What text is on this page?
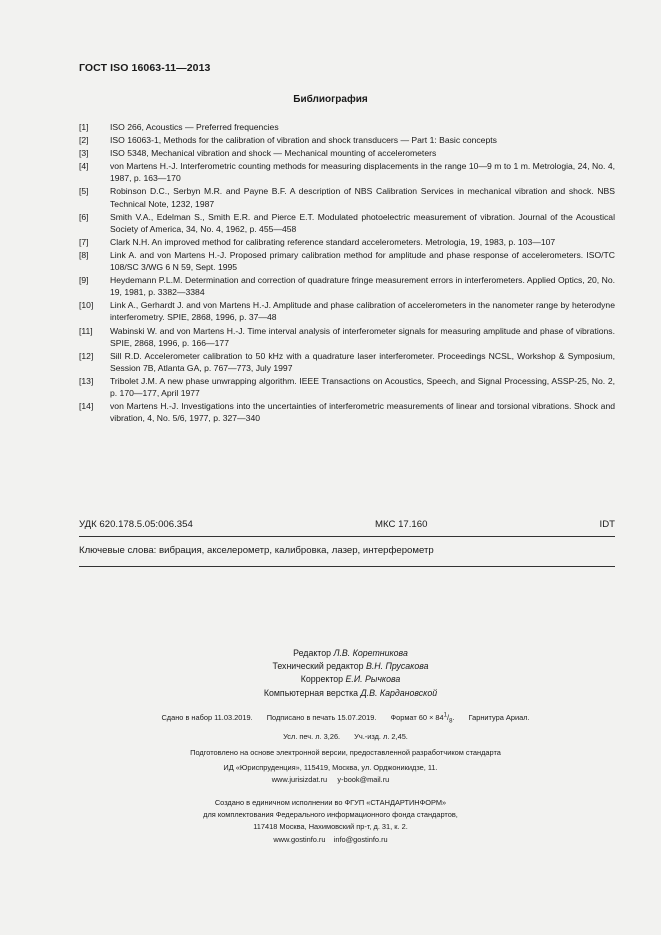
ГОСТ ISO 16063-11—2013
Библиография
[1]	ISO 266, Acoustics — Preferred frequencies
[2]	ISO 16063-1, Methods for the calibration of vibration and shock transducers — Part 1: Basic concepts
[3]	ISO 5348, Mechanical vibration and shock — Mechanical mounting of accelerometers
[4]	von Martens H.-J. Interferometric counting methods for measuring displacements in the range 10—9 m to 1 m. Metrologia, 24, No. 4, 1987, p. 163—170
[5]	Robinson D.C., Serbyn M.R. and Payne B.F. A description of NBS Calibration Services in mechanical vibration and shock. NBS Technical Note, 1232, 1987
[6]	Smith V.A., Edelman S., Smith E.R. and Pierce E.T. Modulated photoelectric measurement of vibration. Journal of the Acoustical Society of America, 34, No. 4, 1962, p. 455—458
[7]	Clark N.H. An improved method for calibrating reference standard accelerometers. Metrologia, 19, 1983, p. 103—107
[8]	Link A. and von Martens H.-J. Proposed primary calibration method for amplitude and phase response of accelerometers. ISO/TC 108/SC 3/WG 6 N 59, Sept. 1995
[9]	Heydemann P.L.M. Determination and correction of quadrature fringe measurement errors in interferometers. Applied Optics, 20, No. 19, 1981, p. 3382—3384
[10]	Link A., Gerhardt J. and von Martens H.-J. Amplitude and phase calibration of accelerometers in the nanometer range by heterodyne interferometry. SPIE, 2868, 1996, p. 37—48
[11]	Wabinski W. and von Martens H.-J. Time interval analysis of interferometer signals for measuring amplitude and phase of vibrations. SPIE, 2868, 1996, p. 166—177
[12]	Sill R.D. Accelerometer calibration to 50 kHz with a quadrature laser interferometer. Proceedings NCSL, Workshop & Symposium, Session 7B, Atlanta GA, p. 767—773, July 1997
[13]	Tribolet J.M. A new phase unwrapping algorithm. IEEE Transactions on Acoustics, Speech, and Signal Processing, ASSP-25, No. 2, p. 170—177, April 1977
[14]	von Martens H.-J. Investigations into the uncertainties of interferometric measurements of linear and torsional vibrations. Shock and vibration, 4, No. 5/6, 1977, p. 327—340
УДК 620.178.5.05:006.354	МКС 17.160	IDT
Ключевые слова: вибрация, акселерометр, калибровка, лазер, интерферометр
Редактор Л.В. Коретникова
Технический редактор В.Н. Прусакова
Корректор Е.И. Рычкова
Компьютерная верстка Д.В. Кардановской
Сдано в набор 11.03.2019. Подписано в печать 15.07.2019. Формат $60 \times 84^1/_8$. Гарнитура Ариал.
Усл. печ. л. 3,26. Уч.-изд. л. 2,45.
Подготовлено на основе электронной версии, предоставленной разработчиком стандарта
ИД «Юриспруденция», 115419, Москва, ул. Орджоникидзе, 11.
www.jurisizdat.ru y-book@mail.ru
Создано в единичном исполнении во ФГУП «СТАНДАРТИНФОРМ»
для комплектования Федерального информационного фонда стандартов,
117418 Москва, Нахимовский пр-т, д. 31, к. 2.
www.gostinfo.ru info@gostinfo.ru
